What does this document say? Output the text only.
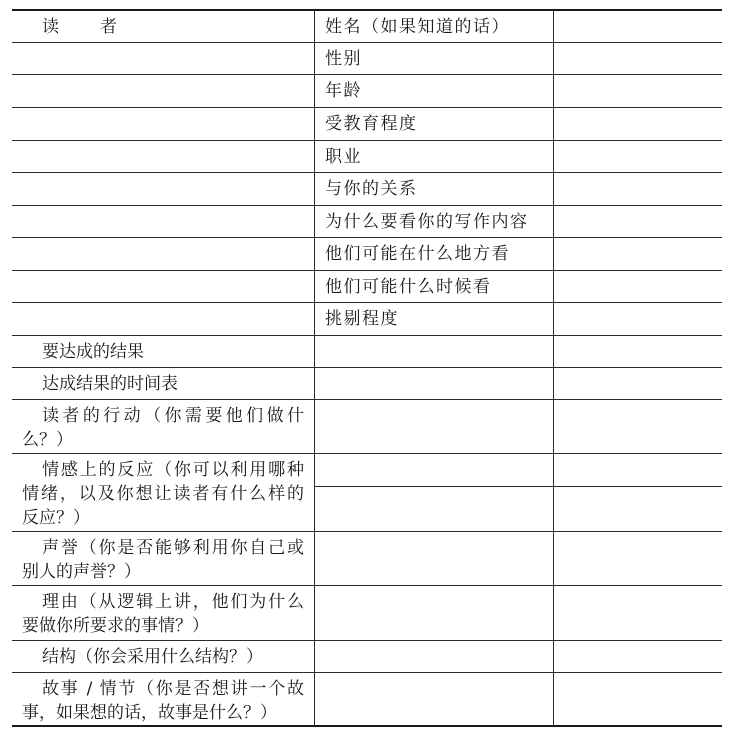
读者	姓名（如果知道的话）
性别
年龄
受教育程度
职业
与你的关系
为什么要看你的写作内容
他们可能在什么地方看
他们可能什么时候看
挑剔程度
要达成的结果
达成结果的时间表
读者的行动（你需要他们做什
么？）
情感上的反应（你可以利用哪种
情绪，以及你想让读者有什么样的
反应？）
声誉（你是否能够利用你自己或
别人的声誉？）
理由（从逻辑上讲，他们为什么
要做你所要求的事情？）
结构（你会采用什么结构？）
故事 / 情节（你是否想讲一个故
事，如果想的话，故事是什么？）
